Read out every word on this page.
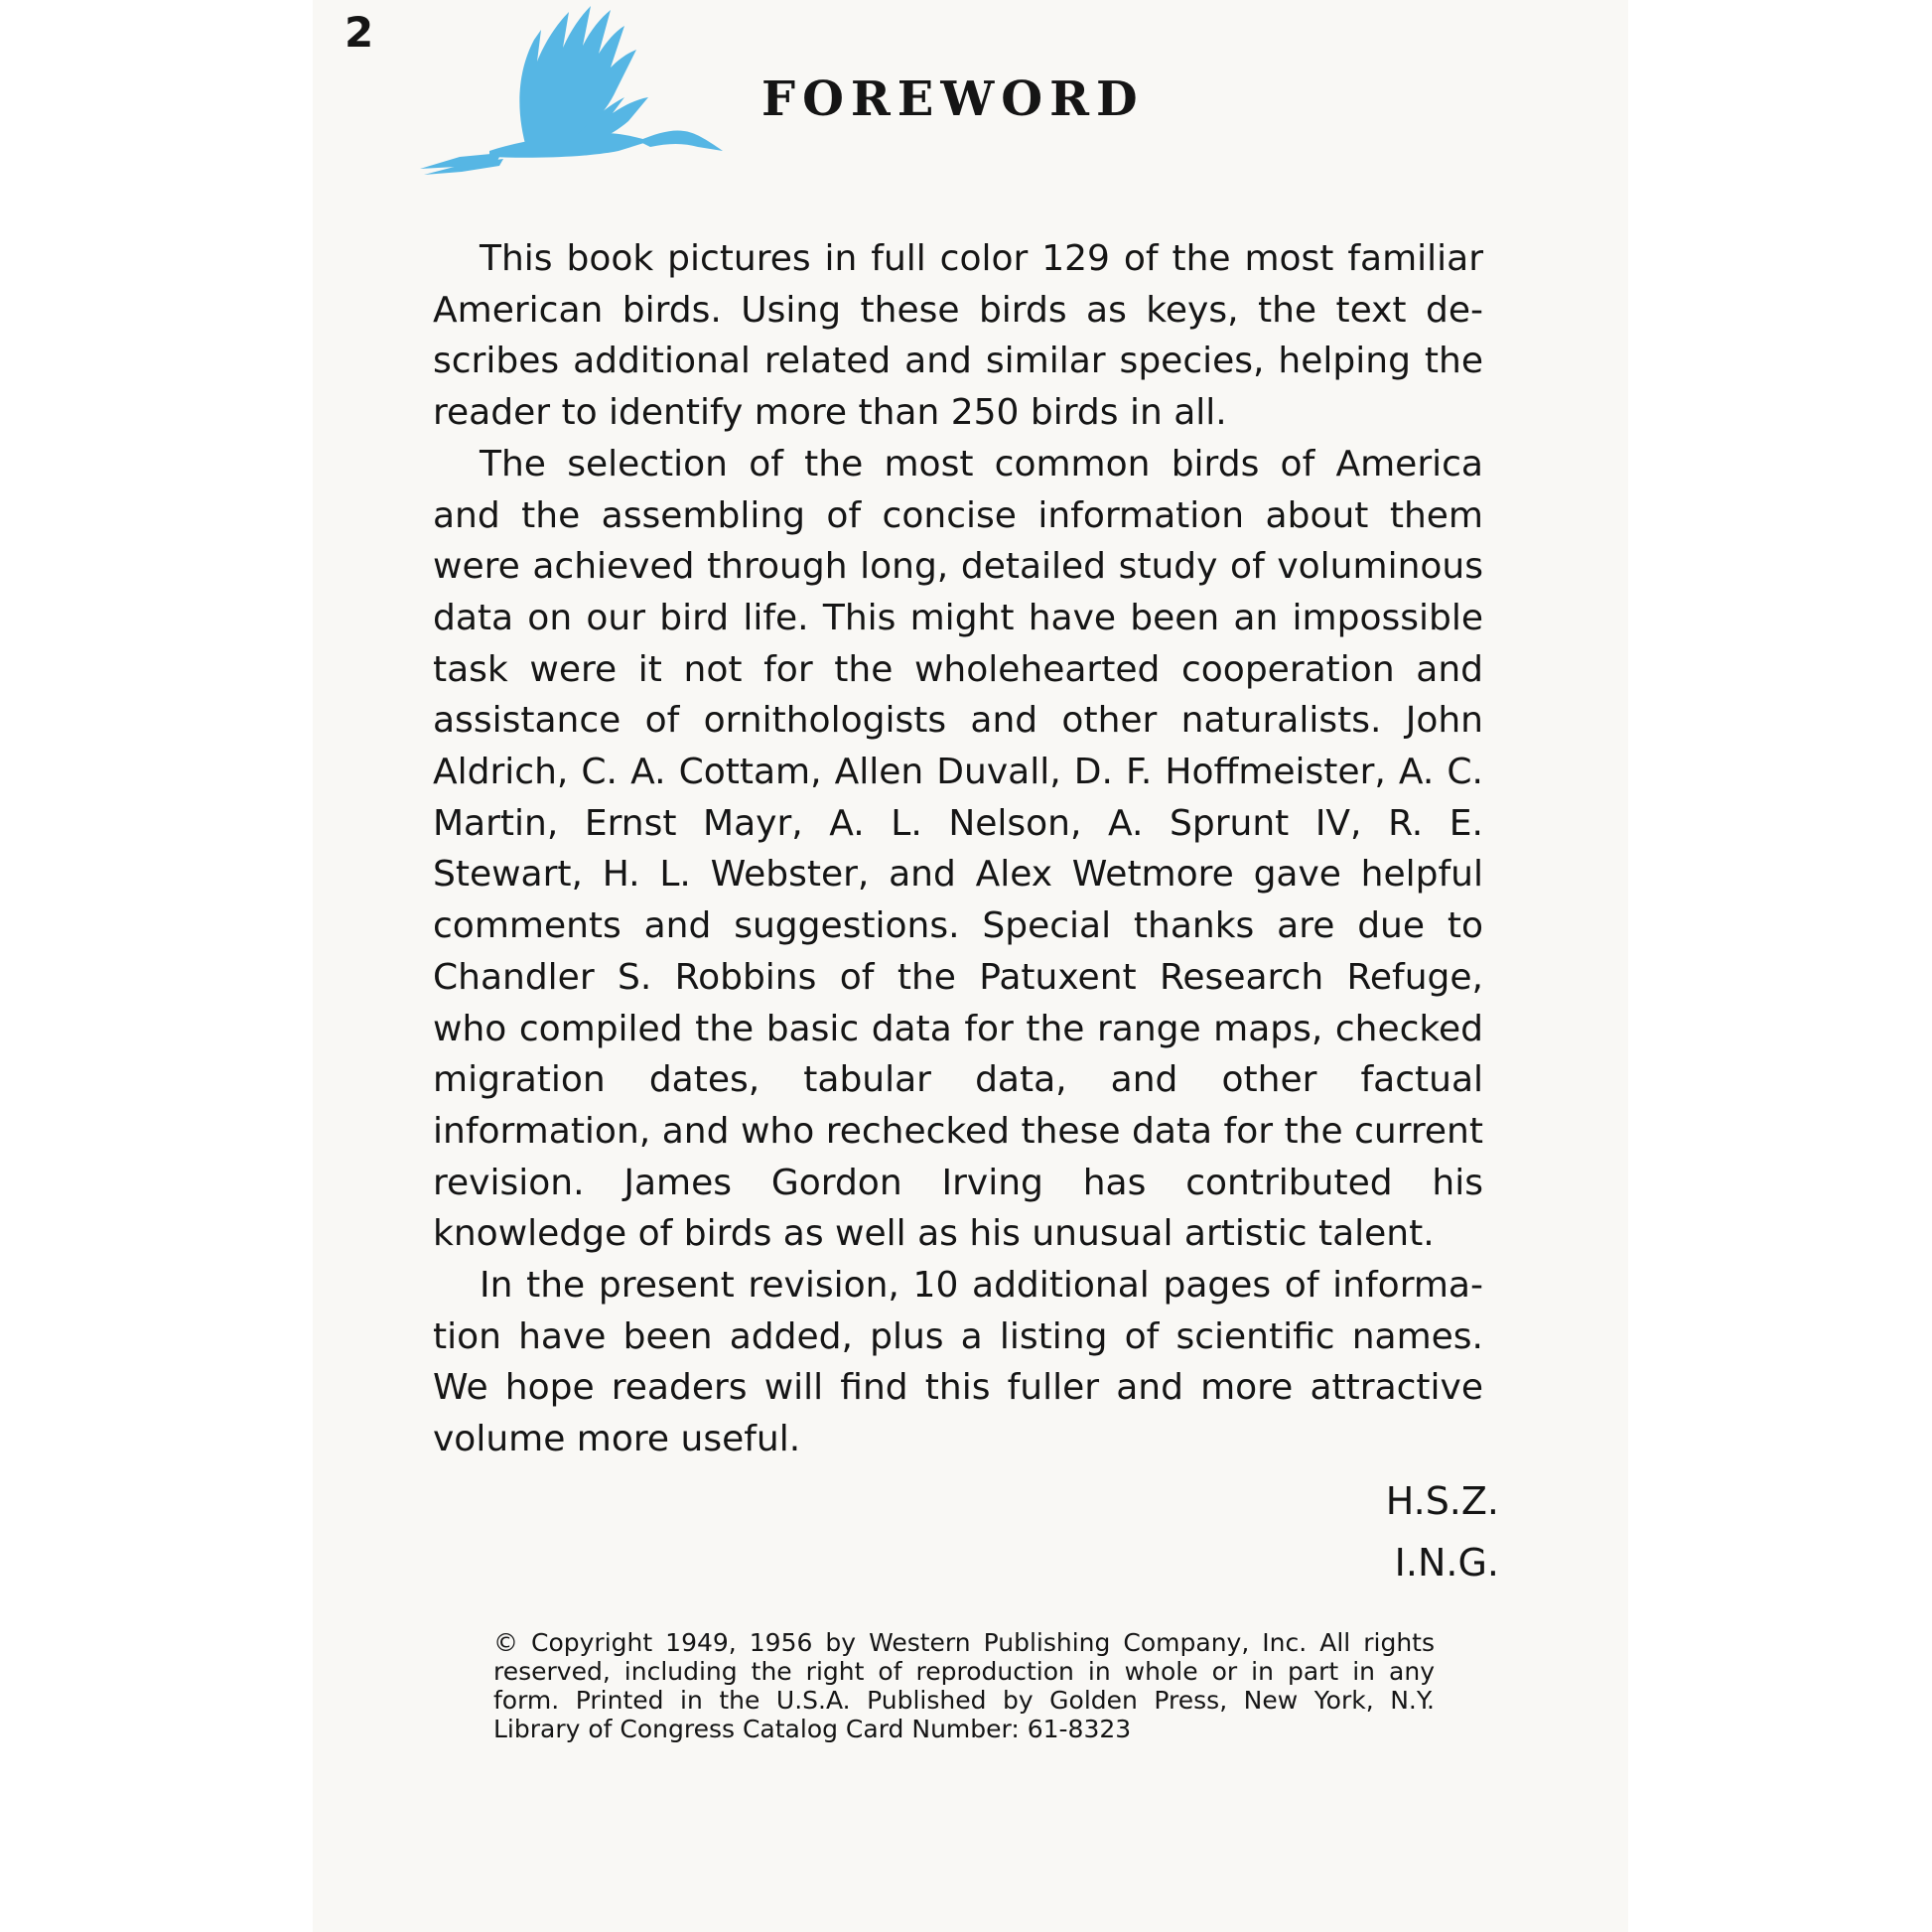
2
FOREWORD

This book pictures in full color 129 of the most familiar American birds. Using these birds as keys, the text describes additional related and similar species, helping the reader to identify more than 250 birds in all.

The selection of the most common birds of America and the assembling of concise information about them were achieved through long, detailed study of voluminous data on our bird life. This might have been an impossible task were it not for the wholehearted cooperation and assistance of ornithologists and other naturalists. John Aldrich, C. A. Cottam, Allen Duvall, D. F. Hoffmeister, A. C. Martin, Ernst Mayr, A. L. Nelson, A. Sprunt IV, R. E. Stewart, H. L. Webster, and Alex Wetmore gave helpful comments and suggestions. Special thanks are due to Chandler S. Robbins of the Patuxent Research Refuge, who compiled the basic data for the range maps, checked migration dates, tabular data, and other factual information, and who rechecked these data for the current revision. James Gordon Irving has contributed his knowledge of birds as well as his unusual artistic talent.

In the present revision, 10 additional pages of information have been added, plus a listing of scientific names. We hope readers will find this fuller and more attractive volume more useful.

H.S.Z.
I.N.G.
© Copyright 1949, 1956 by Western Publishing Company, Inc. All rights reserved, including the right of reproduction in whole or in part in any form. Printed in the U.S.A. Published by Golden Press, New York, N.Y. Library of Congress Catalog Card Number: 61-8323
